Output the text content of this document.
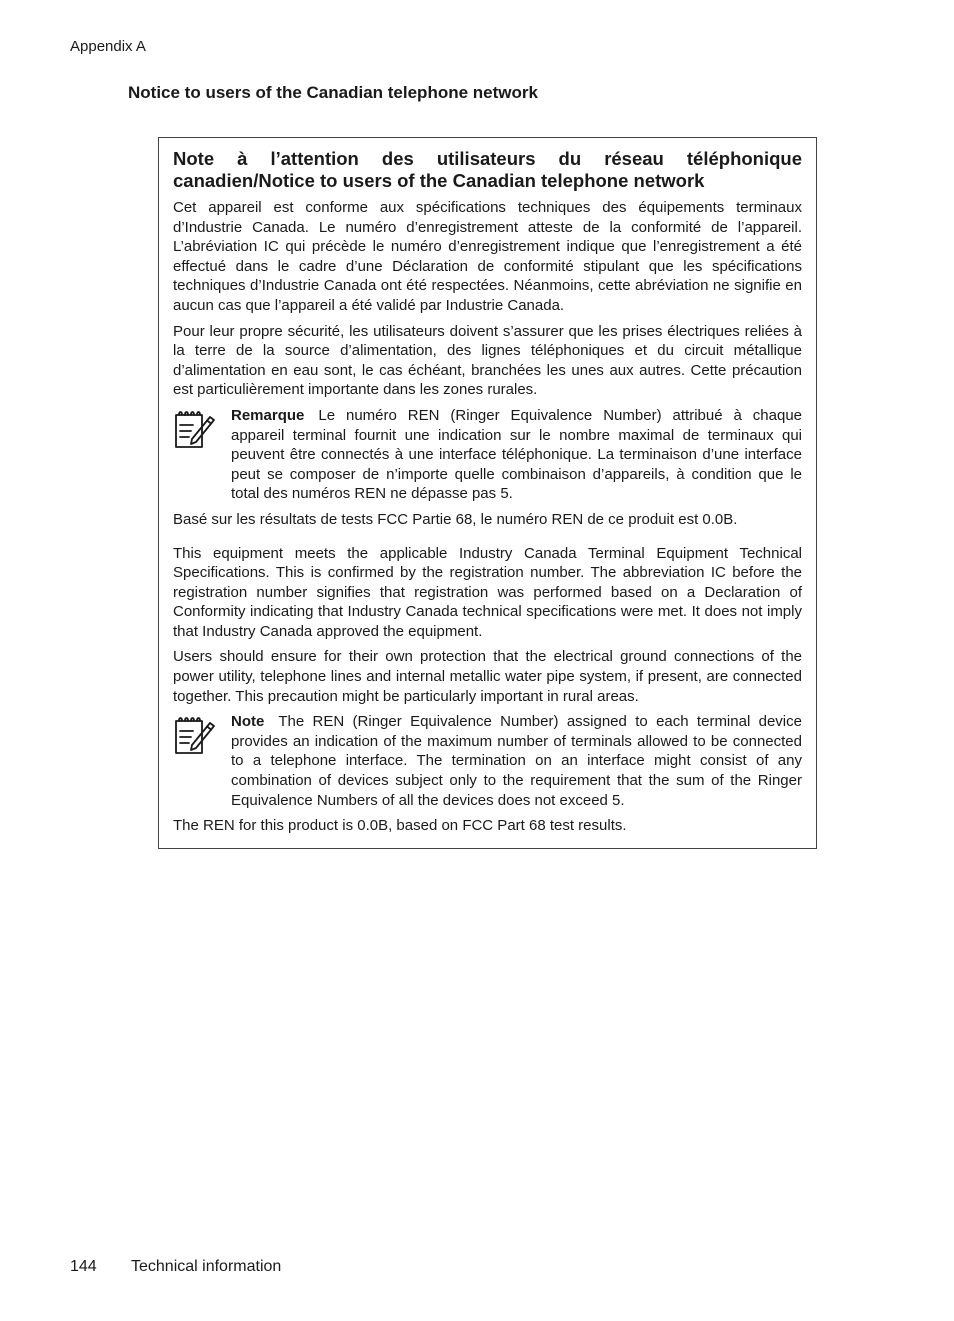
Appendix A
Notice to users of the Canadian telephone network
Note à l’attention des utilisateurs du réseau téléphonique canadien/Notice to users of the Canadian telephone network

Cet appareil est conforme aux spécifications techniques des équipements terminaux d’Industrie Canada. Le numéro d’enregistrement atteste de la conformité de l’appareil. L’abréviation IC qui précède le numéro d’enregistrement indique que l’enregistrement a été effectué dans le cadre d’une Déclaration de conformité stipulant que les spécifications techniques d’Industrie Canada ont été respectées. Néanmoins, cette abréviation ne signifie en aucun cas que l’appareil a été validé par Industrie Canada.

Pour leur propre sécurité, les utilisateurs doivent s’assurer que les prises électriques reliées à la terre de la source d’alimentation, des lignes téléphoniques et du circuit métallique d’alimentation en eau sont, le cas échéant, branchées les unes aux autres. Cette précaution est particulièrement importante dans les zones rurales.

Remarque Le numéro REN (Ringer Equivalence Number) attribué à chaque appareil terminal fournit une indication sur le nombre maximal de terminaux qui peuvent être connectés à une interface téléphonique. La terminaison d’une interface peut se composer de n’importe quelle combinaison d’appareils, à condition que le total des numéros REN ne dépasse pas 5.

Basé sur les résultats de tests FCC Partie 68, le numéro REN de ce produit est 0.0B.

This equipment meets the applicable Industry Canada Terminal Equipment Technical Specifications. This is confirmed by the registration number. The abbreviation IC before the registration number signifies that registration was performed based on a Declaration of Conformity indicating that Industry Canada technical specifications were met. It does not imply that Industry Canada approved the equipment.

Users should ensure for their own protection that the electrical ground connections of the power utility, telephone lines and internal metallic water pipe system, if present, are connected together. This precaution might be particularly important in rural areas.

Note The REN (Ringer Equivalence Number) assigned to each terminal device provides an indication of the maximum number of terminals allowed to be connected to a telephone interface. The termination on an interface might consist of any combination of devices subject only to the requirement that the sum of the Ringer Equivalence Numbers of all the devices does not exceed 5.

The REN for this product is 0.0B, based on FCC Part 68 test results.

144 Technical information
